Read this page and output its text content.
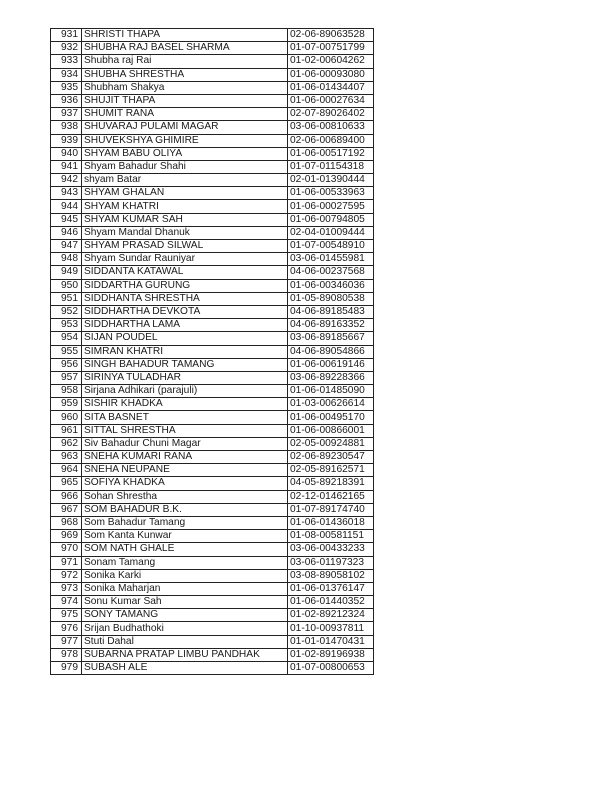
931	SHRISTI THAPA	02-06-89063528
932	SHUBHA RAJ BASEL SHARMA	01-07-00751799
933	Shubha raj Rai	01-02-00604262
934	SHUBHA SHRESTHA	01-06-00093080
935	Shubham Shakya	01-06-01434407
936	SHUJIT THAPA	01-06-00027634
937	SHUMIT RANA	02-07-89026402
938	SHUVARAJ PULAMI MAGAR	03-06-00810633
939	SHUVEKSHYA GHIMIRE	02-06-00689400
940	SHYAM BABU OLIYA	01-06-00517192
941	Shyam Bahadur Shahi	01-07-01154318
942	shyam Batar	02-01-01390444
943	SHYAM GHALAN	01-06-00533963
944	SHYAM KHATRI	01-06-00027595
945	SHYAM KUMAR SAH	01-06-00794805
946	Shyam Mandal Dhanuk	02-04-01009444
947	SHYAM PRASAD SILWAL	01-07-00548910
948	Shyam Sundar Rauniyar	03-06-01455981
949	SIDDANTA KATAWAL	04-06-00237568
950	SIDDARTHA GURUNG	01-06-00346036
951	SIDDHANTA SHRESTHA	01-05-89080538
952	SIDDHARTHA DEVKOTA	04-06-89185483
953	SIDDHARTHA LAMA	04-06-89163352
954	SIJAN POUDEL	03-06-89185667
955	SIMRAN KHATRI	04-06-89054866
956	SINGH BAHADUR TAMANG	01-06-00619146
957	SIRINYA TULADHAR	03-06-89228366
958	Sirjana Adhikari (parajuli)	01-06-01485090
959	SISHIR KHADKA	01-03-00626614
960	SITA BASNET	01-06-00495170
961	SITTAL SHRESTHA	01-06-00866001
962	Siv Bahadur Chuni Magar	02-05-00924881
963	SNEHA KUMARI RANA	02-06-89230547
964	SNEHA NEUPANE	02-05-89162571
965	SOFIYA KHADKA	04-05-89218391
966	Sohan Shrestha	02-12-01462165
967	SOM BAHADUR B.K.	01-07-89174740
968	Som Bahadur Tamang	01-06-01436018
969	Som Kanta Kunwar	01-08-00581151
970	SOM NATH GHALE	03-06-00433233
971	Sonam Tamang	03-06-01197323
972	Sonika Karki	03-08-89058102
973	Sonika Maharjan	01-06-01376147
974	Sonu Kumar Sah	01-06-01440352
975	SONY TAMANG	01-02-89212324
976	Srijan Budhathoki	01-10-00937811
977	Stuti Dahal	01-01-01470431
978	SUBARNA PRATAP LIMBU PANDHAK	01-02-89196938
979	SUBASH ALE	01-07-00800653
